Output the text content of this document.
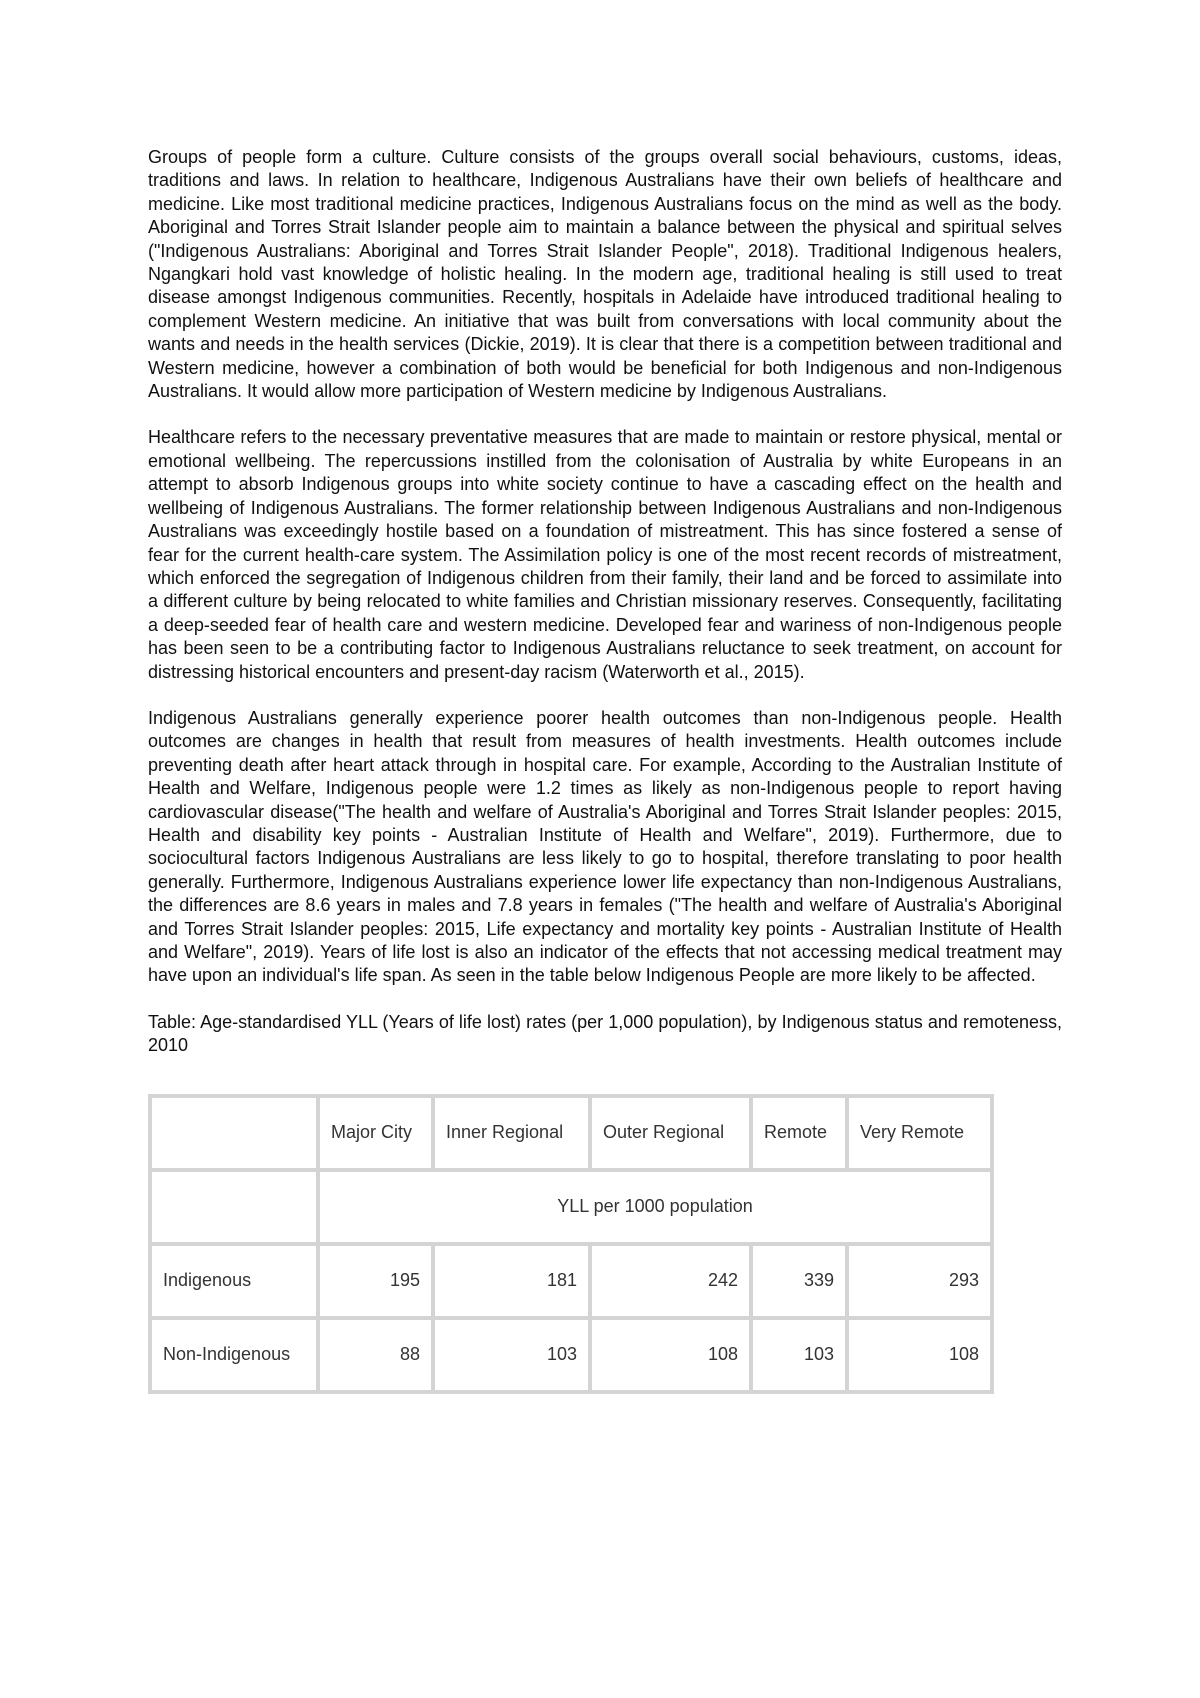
Groups of people form a culture. Culture consists of the groups overall social behaviours, customs, ideas, traditions and laws. In relation to healthcare, Indigenous Australians have their own beliefs of healthcare and medicine. Like most traditional medicine practices, Indigenous Australians focus on the mind as well as the body. Aboriginal and Torres Strait Islander people aim to maintain a balance between the physical and spiritual selves ("Indigenous Australians: Aboriginal and Torres Strait Islander People", 2018). Traditional Indigenous healers, Ngangkari hold vast knowledge of holistic healing. In the modern age, traditional healing is still used to treat disease amongst Indigenous communities. Recently, hospitals in Adelaide have introduced traditional healing to complement Western medicine. An initiative that was built from conversations with local community about the wants and needs in the health services (Dickie, 2019). It is clear that there is a competition between traditional and Western medicine, however a combination of both would be beneficial for both Indigenous and non-Indigenous Australians. It would allow more participation of Western medicine by Indigenous Australians.

Healthcare refers to the necessary preventative measures that are made to maintain or restore physical, mental or emotional wellbeing. The repercussions instilled from the colonisation of Australia by white Europeans in an attempt to absorb Indigenous groups into white society continue to have a cascading effect on the health and wellbeing of Indigenous Australians. The former relationship between Indigenous Australians and non-Indigenous Australians was exceedingly hostile based on a foundation of mistreatment. This has since fostered a sense of fear for the current health-care system. The Assimilation policy is one of the most recent records of mistreatment, which enforced the segregation of Indigenous children from their family, their land and be forced to assimilate into a different culture by being relocated to white families and Christian missionary reserves. Consequently, facilitating a deep-seeded fear of health care and western medicine. Developed fear and wariness of non-Indigenous people has been seen to be a contributing factor to Indigenous Australians reluctance to seek treatment, on account for distressing historical encounters and present-day racism (Waterworth et al., 2015).

Indigenous Australians generally experience poorer health outcomes than non-Indigenous people. Health outcomes are changes in health that result from measures of health investments. Health outcomes include preventing death after heart attack through in hospital care. For example, According to the Australian Institute of Health and Welfare, Indigenous people were 1.2 times as likely as non-Indigenous people to report having cardiovascular disease("The health and welfare of Australia's Aboriginal and Torres Strait Islander peoples: 2015, Health and disability key points - Australian Institute of Health and Welfare", 2019). Furthermore, due to sociocultural factors Indigenous Australians are less likely to go to hospital, therefore translating to poor health generally. Furthermore, Indigenous Australians experience lower life expectancy than non-Indigenous Australians, the differences are 8.6 years in males and 7.8 years in females ("The health and welfare of Australia's Aboriginal and Torres Strait Islander peoples: 2015, Life expectancy and mortality key points - Australian Institute of Health and Welfare", 2019). Years of life lost is also an indicator of the effects that not accessing medical treatment may have upon an individual's life span. As seen in the table below Indigenous People are more likely to be affected.

Table: Age-standardised YLL (Years of life lost) rates (per 1,000 population), by Indigenous status and remoteness, 2010

	Major City	Inner Regional	Outer Regional	Remote	Very Remote
	YLL per 1000 population				
Indigenous	195	181	242	339	293
Non-Indigenous	88	103	108	103	108
